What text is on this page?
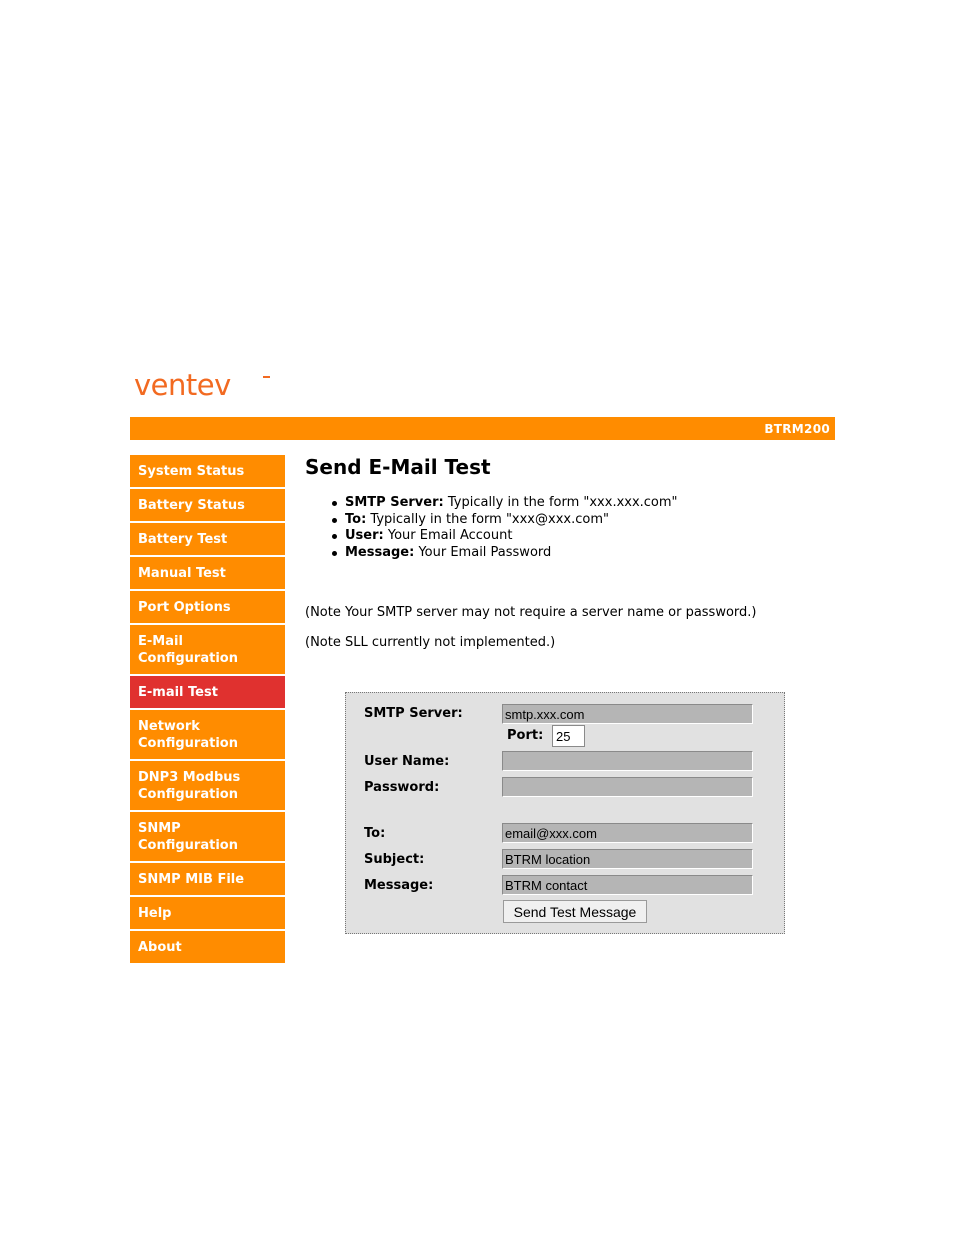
ventev
BTRM200
System Status
Battery Status
Battery Test
Manual Test
Port Options
E-Mail
Configuration
E-mail Test
Network
Configuration
DNP3 Modbus
Configuration
SNMP
Configuration
SNMP MIB File
Help
About
Send E-Mail Test
SMTP Server: Typically in the form "xxx.xxx.com"
To: Typically in the form "xxx@xxx.com"
User: Your Email Account
Message: Your Email Password
(Note Your SMTP server may not require a server name or password.)
(Note SLL currently not implemented.)
SMTP Server:
smtp.xxx.com
Port:
25
User Name:
Password:
To:
email@xxx.com
Subject:
BTRM location
Message:
BTRM contact
Send Test Message
